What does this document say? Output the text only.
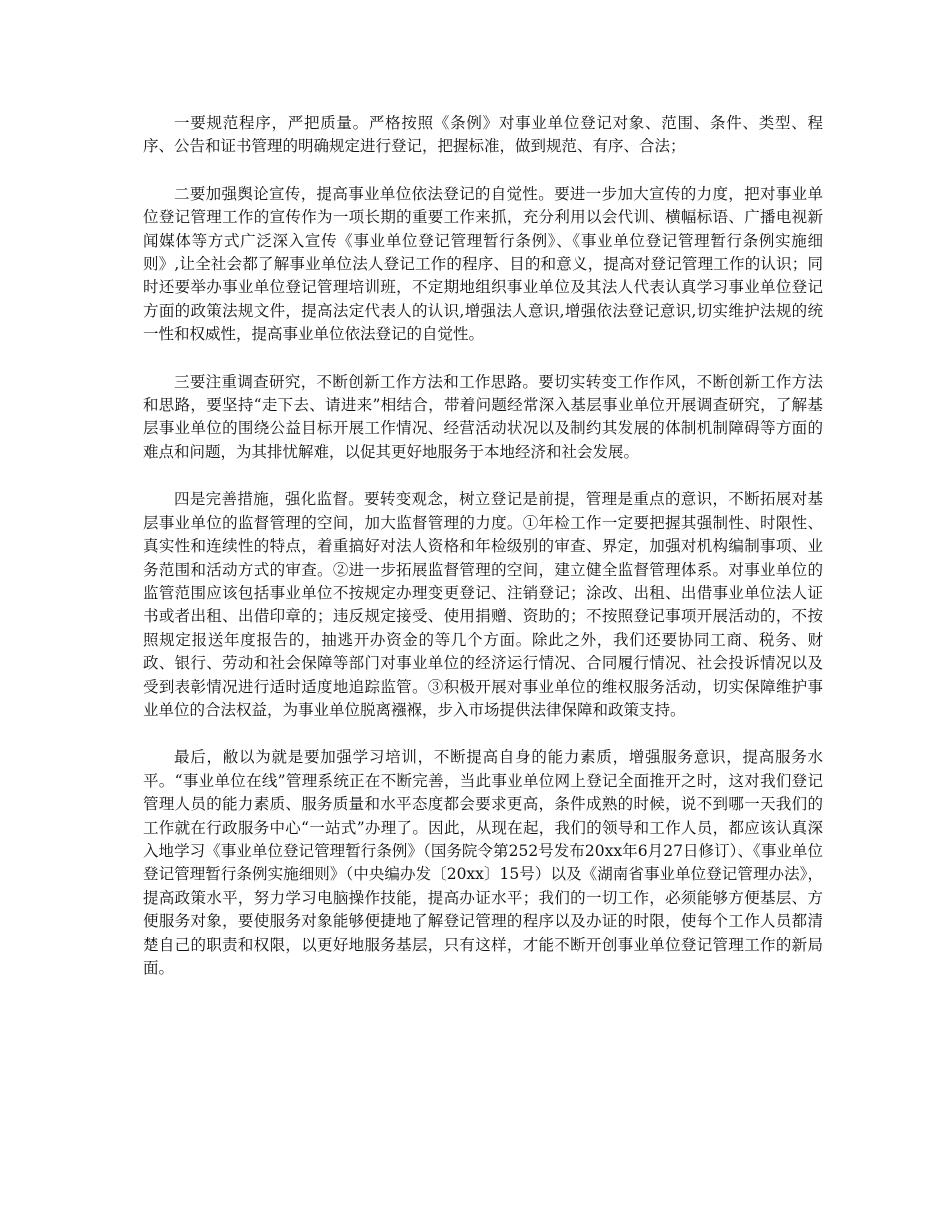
一要规范程序，严把质量。严格按照《条例》对事业单位登记对象、范围、条件、类型、程序、公告和证书管理的明确规定进行登记，把握标准，做到规范、有序、合法；

二要加强舆论宣传，提高事业单位依法登记的自觉性。要进一步加大宣传的力度，把对事业单位登记管理工作的宣传作为一项长期的重要工作来抓，充分利用以会代训、横幅标语、广播电视新闻媒体等方式广泛深入宣传《事业单位登记管理暂行条例》、《事业单位登记管理暂行条例实施细则》,让全社会都了解事业单位法人登记工作的程序、目的和意义，提高对登记管理工作的认识；同时还要举办事业单位登记管理培训班，不定期地组织事业单位及其法人代表认真学习事业单位登记方面的政策法规文件，提高法定代表人的认识,增强法人意识,增强依法登记意识,切实维护法规的统一性和权威性，提高事业单位依法登记的自觉性。

三要注重调查研究，不断创新工作方法和工作思路。要切实转变工作作风，不断创新工作方法和思路，要坚持“走下去、请进来”相结合，带着问题经常深入基层事业单位开展调查研究，了解基层事业单位的围绕公益目标开展工作情况、经营活动状况以及制约其发展的体制机制障碍等方面的难点和问题，为其排忧解难，以促其更好地服务于本地经济和社会发展。

四是完善措施，强化监督。要转变观念，树立登记是前提，管理是重点的意识，不断拓展对基层事业单位的监督管理的空间，加大监督管理的力度。①年检工作一定要把握其强制性、时限性、真实性和连续性的特点，着重搞好对法人资格和年检级别的审查、界定，加强对机构编制事项、业务范围和活动方式的审查。②进一步拓展监督管理的空间，建立健全监督管理体系。对事业单位的监管范围应该包括事业单位不按规定办理变更登记、注销登记；涂改、出租、出借事业单位法人证书或者出租、出借印章的；违反规定接受、使用捐赠、资助的；不按照登记事项开展活动的，不按照规定报送年度报告的，抽逃开办资金的等几个方面。除此之外，我们还要协同工商、税务、财政、银行、劳动和社会保障等部门对事业单位的经济运行情况、合同履行情况、社会投诉情况以及受到表彰情况进行适时适度地追踪监管。③积极开展对事业单位的维权服务活动，切实保障维护事业单位的合法权益，为事业单位脱离襁褓，步入市场提供法律保障和政策支持。

最后，敝以为就是要加强学习培训，不断提高自身的能力素质，增强服务意识，提高服务水平。“事业单位在线”管理系统正在不断完善，当此事业单位网上登记全面推开之时，这对我们登记管理人员的能力素质、服务质量和水平态度都会要求更高，条件成熟的时候，说不到哪一天我们的工作就在行政服务中心“一站式”办理了。因此，从现在起，我们的领导和工作人员，都应该认真深入地学习《事业单位登记管理暂行条例》（国务院令第252号发布20xx年6月27日修订）、《事业单位登记管理暂行条例实施细则》（中央编办发〔20xx〕15号）以及《湖南省事业单位登记管理办法》，提高政策水平，努力学习电脑操作技能，提高办证水平；我们的一切工作，必须能够方便基层、方便服务对象，要使服务对象能够便捷地了解登记管理的程序以及办证的时限，使每个工作人员都清楚自己的职责和权限，以更好地服务基层，只有这样，才能不断开创事业单位登记管理工作的新局面。
